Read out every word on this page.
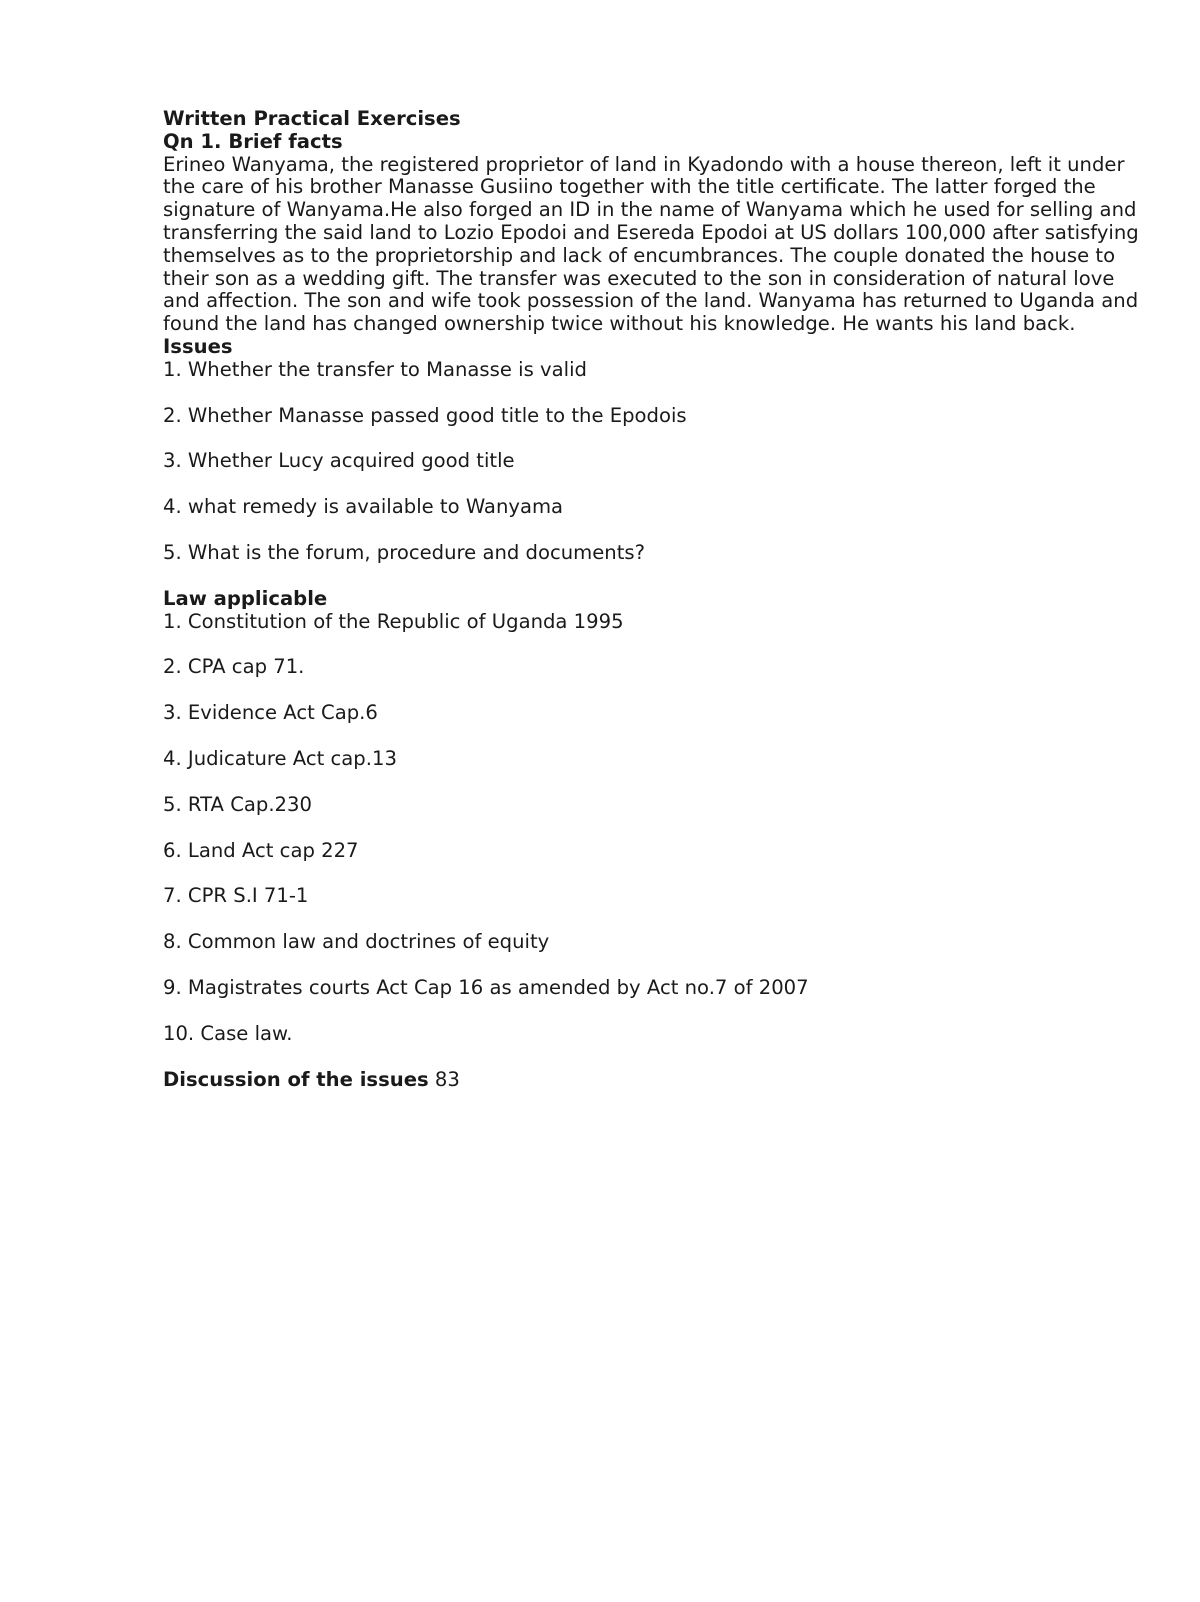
Written Practical Exercises
Qn 1. Brief facts

Erineo Wanyama, the registered proprietor of land in Kyadondo with a house thereon, left it under the care of his brother Manasse Gusiino together with the title certificate. The latter forged the signature of Wanyama.He also forged an ID in the name of Wanyama which he used for selling and transferring the said land to Lozio Epodoi and Esereda Epodoi at US dollars 100,000 after satisfying themselves as to the proprietorship and lack of encumbrances. The couple donated the house to their son as a wedding gift. The transfer was executed to the son in consideration of natural love and affection. The son and wife took possession of the land. Wanyama has returned to Uganda and found the land has changed ownership twice without his knowledge. He wants his land back.

Issues
1. Whether the transfer to Manasse is valid
2. Whether Manasse passed good title to the Epodois
3. Whether Lucy acquired good title
4. what remedy is available to Wanyama
5. What is the forum, procedure and documents?
Law applicable
1. Constitution of the Republic of Uganda 1995
2. CPA cap 71.
3. Evidence Act Cap.6
4. Judicature Act cap.13
5. RTA Cap.230
6. Land Act cap 227
7. CPR S.I 71-1
8. Common law and doctrines of equity
9. Magistrates courts Act Cap 16 as amended by Act no.7 of 2007
10. Case law.
Discussion of the issues 83
